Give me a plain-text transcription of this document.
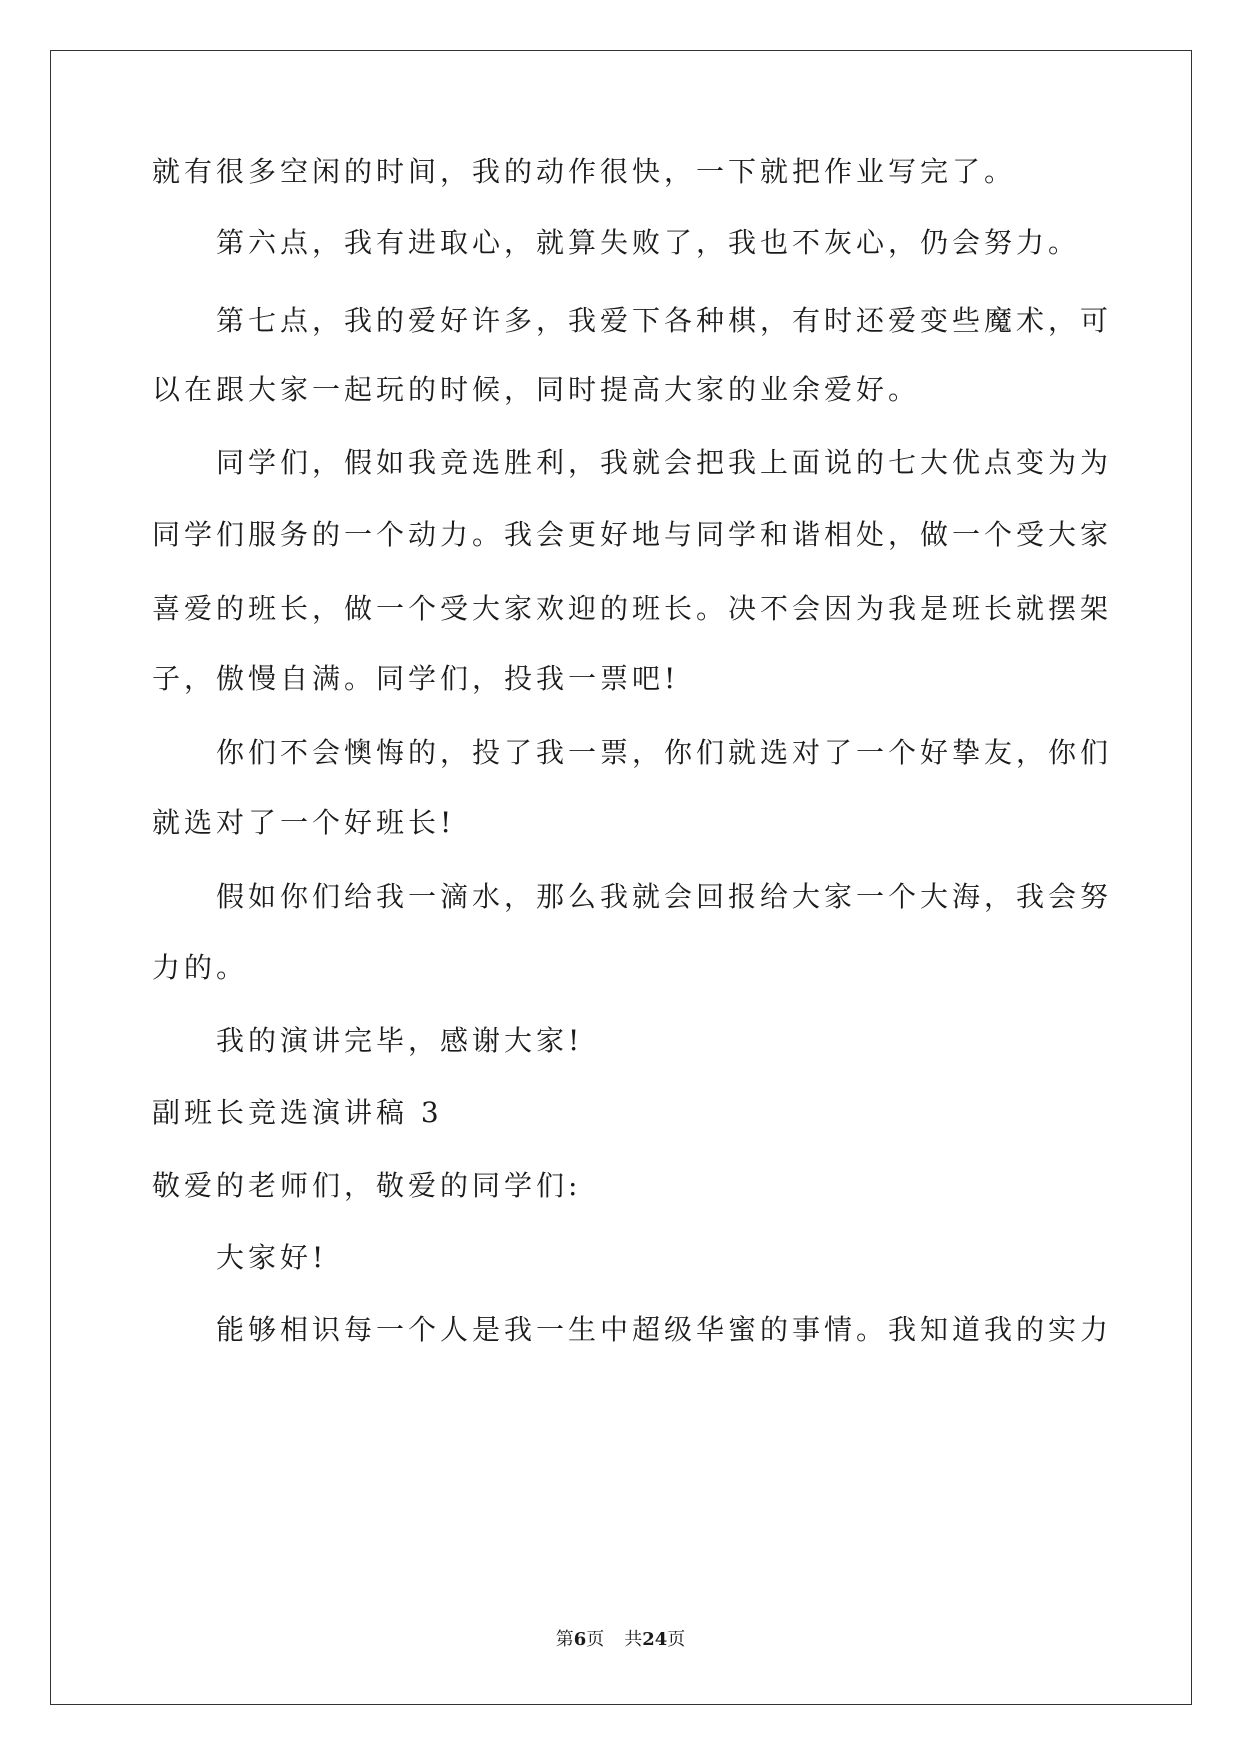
就有很多空闲的时间，我的动作很快，一下就把作业写完了。
第六点，我有进取心，就算失败了，我也不灰心，仍会努力。
第七点，我的爱好许多，我爱下各种棋，有时还爱变些魔术，可
以在跟大家一起玩的时候，同时提高大家的业余爱好。
同学们，假如我竞选胜利，我就会把我上面说的七大优点变为为
同学们服务的一个动力。我会更好地与同学和谐相处，做一个受大家
喜爱的班长，做一个受大家欢迎的班长。决不会因为我是班长就摆架
子，傲慢自满。同学们，投我一票吧!
你们不会懊悔的，投了我一票，你们就选对了一个好挚友，你们
就选对了一个好班长!
假如你们给我一滴水，那么我就会回报给大家一个大海，我会努
力的。
我的演讲完毕，感谢大家!
副班长竞选演讲稿 3
敬爱的老师们，敬爱的同学们:
大家好!
能够相识每一个人是我一生中超级华蜜的事情。我知道我的实力
第6页 共24页
